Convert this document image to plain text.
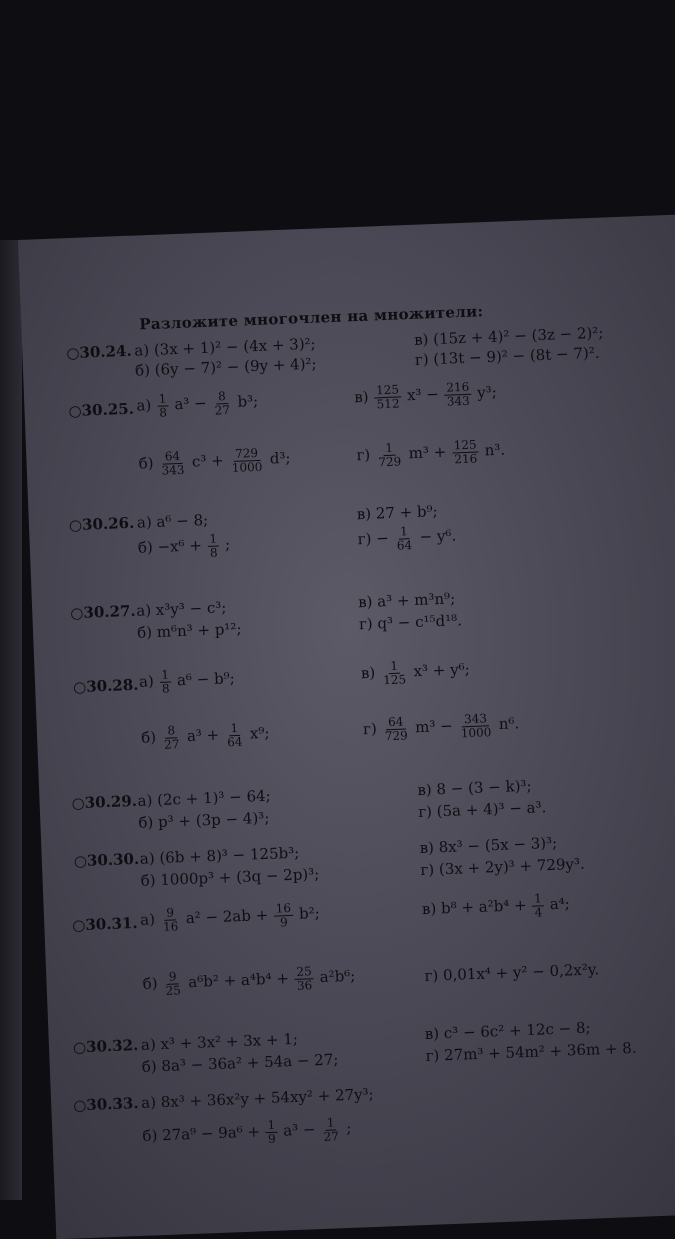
Разложите многочлен на множители:
○30.24. а) (3x + 1)² − (4x + 3)²;
б) (6y − 7)² − (9y + 4)²;
в) (15z + 4)² − (3z − 2)²;
г) (13t − 9)² − (8t − 7)².
○30.25. $а) \frac{1}{8} a^3 - \frac{8}{27} b^3$;
$б) \frac{64}{343} c^3 + \frac{729}{1000} d^3$;
$в) \frac{125}{512} x^3 - \frac{216}{343} y^3$;
$г) \frac{1}{729} m^3 + \frac{125}{216} n^3$.
○30.26. а) a⁶ − 8;
$б) -x^6 + \frac{1}{8}$ ;
в) 27 + b⁹;
$г) - \frac{1}{64} - y^6$.
○30.27. а) x³y³ − c³;
б) m⁶n³ + p¹²;
в) a³ + m³n⁹;
г) q³ − c¹⁵d¹⁸.
○30.28. $а) \frac{1}{8} a^6 - b^9$;
$б) \frac{8}{27} a^3 + \frac{1}{64} x^9$;
$в) \frac{1}{125} x^3 + y^6$;
$г) \frac{64}{729} m^3 - \frac{343}{1000} n^6$.
○30.29. а) (2c + 1)³ − 64;
б) p³ + (3p − 4)³;
в) 8 − (3 − k)³;
г) (5a + 4)³ − a³.
○30.30. а) (6b + 8)³ − 125b³;
б) 1000p³ + (3q − 2p)³;
в) 8x³ − (5x − 3)³;
г) (3x + 2y)³ + 729y³.
○30.31. $а) \frac{9}{16} a^2 - 2ab + \frac{16}{9} b^2$;
$б) \frac{9}{25} a^6b^2 + a^4b^4 + \frac{25}{36} a^2b^6$;
в) $b^8 + a^2b^4 + \frac{1}{4} a^4$;
г) 0,01x⁴ + y² − 0,2x²y.
○30.32. а) x³ + 3x² + 3x + 1;
б) 8a³ − 36a² + 54a − 27;
в) c³ − 6c² + 12c − 8;
г) 27m³ + 54m² + 36m + 8.
○30.33. а) 8x³ + 36x²y + 54xy² + 27y³;
б) $27a^9 - 9a^6 + \frac{1}{9} a^3 - \frac{1}{27}$ ;
